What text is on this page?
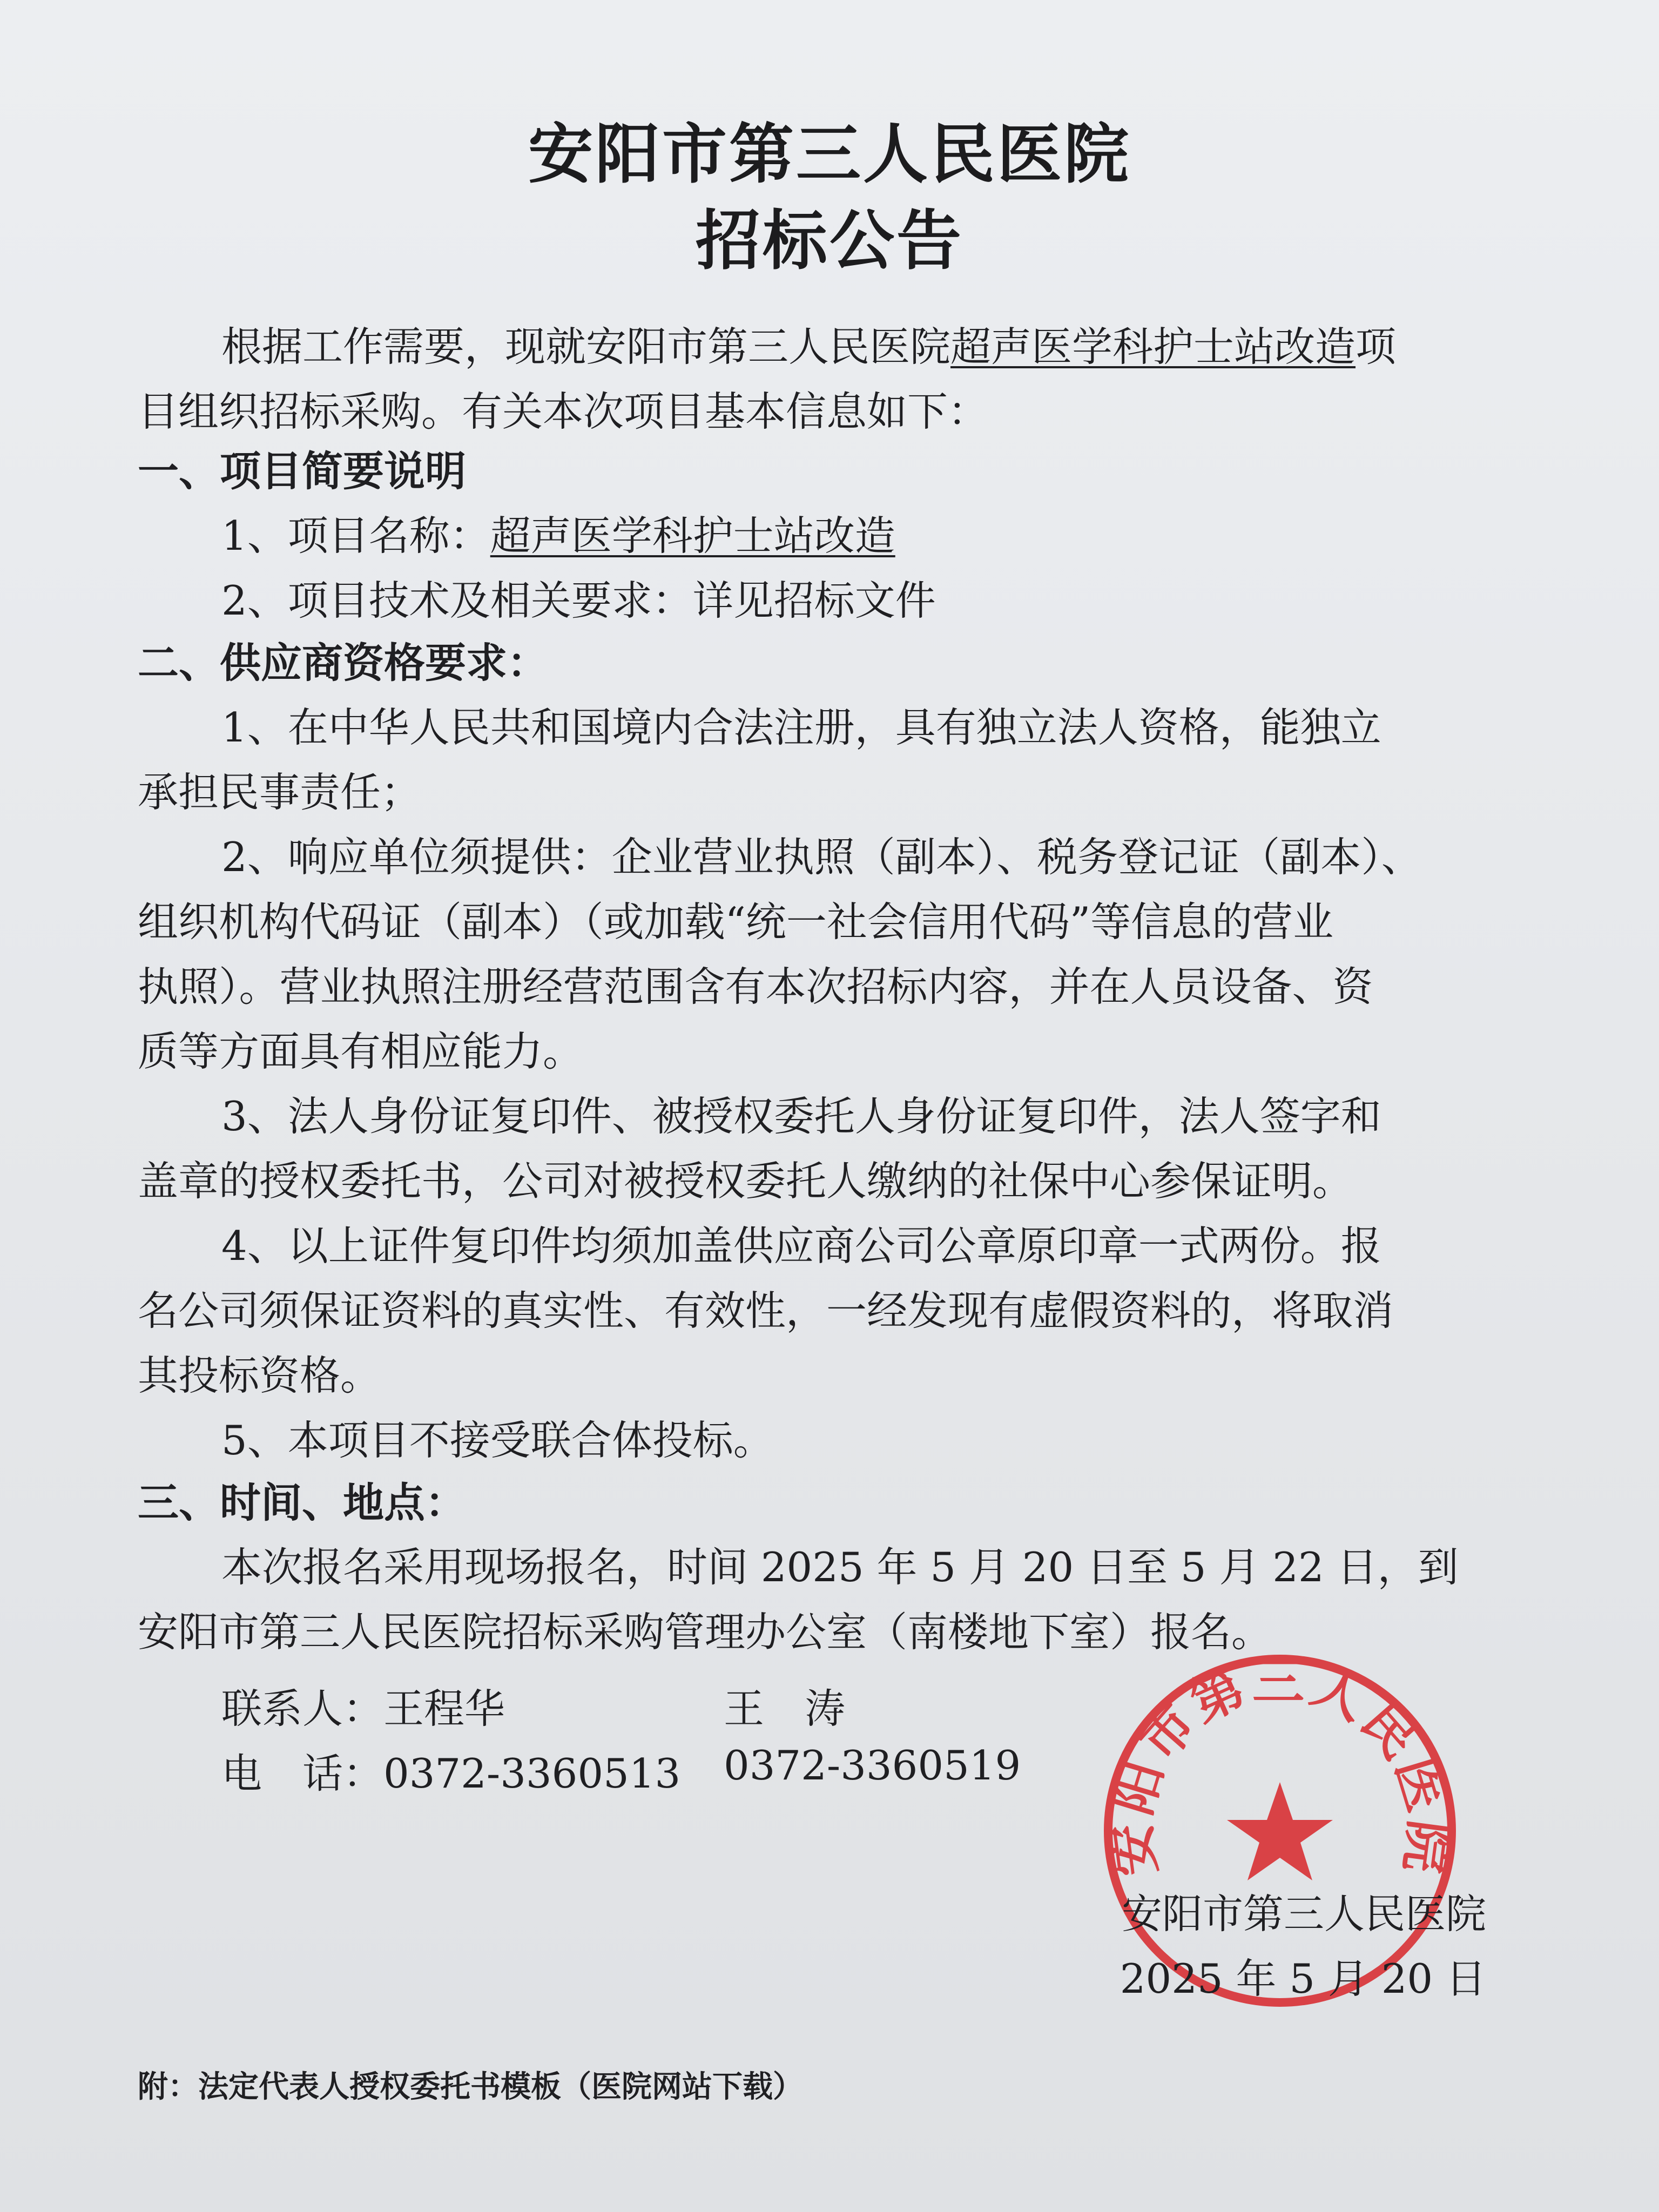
安阳市第三人民医院
招标公告
根据工作需要，现就安阳市第三人民医院超声医学科护士站改造项
目组织招标采购。有关本次项目基本信息如下：
一、项目简要说明
1、项目名称：超声医学科护士站改造
2、项目技术及相关要求：详见招标文件
二、供应商资格要求：
1、在中华人民共和国境内合法注册，具有独立法人资格，能独立
承担民事责任；
2、响应单位须提供：企业营业执照（副本）、税务登记证（副本）、
组织机构代码证（副本）（或加载“统一社会信用代码”等信息的营业
执照）。营业执照注册经营范围含有本次招标内容，并在人员设备、资
质等方面具有相应能力。
3、法人身份证复印件、被授权委托人身份证复印件，法人签字和
盖章的授权委托书，公司对被授权委托人缴纳的社保中心参保证明。
4、以上证件复印件均须加盖供应商公司公章原印章一式两份。报
名公司须保证资料的真实性、有效性，一经发现有虚假资料的，将取消
其投标资格。
5、本项目不接受联合体投标。
三、时间、地点：
本次报名采用现场报名，时间 2025 年 5 月 20 日至 5 月 22 日，到
安阳市第三人民医院招标采购管理办公室（南楼地下室）报名。
联系人：王程华	王　涛
电　话：0372-3360513 0372-3360519
安阳市第三人民医院
安阳市第三人民医院
2025 年 5 月 20 日
附：法定代表人授权委托书模板（医院网站下载）
